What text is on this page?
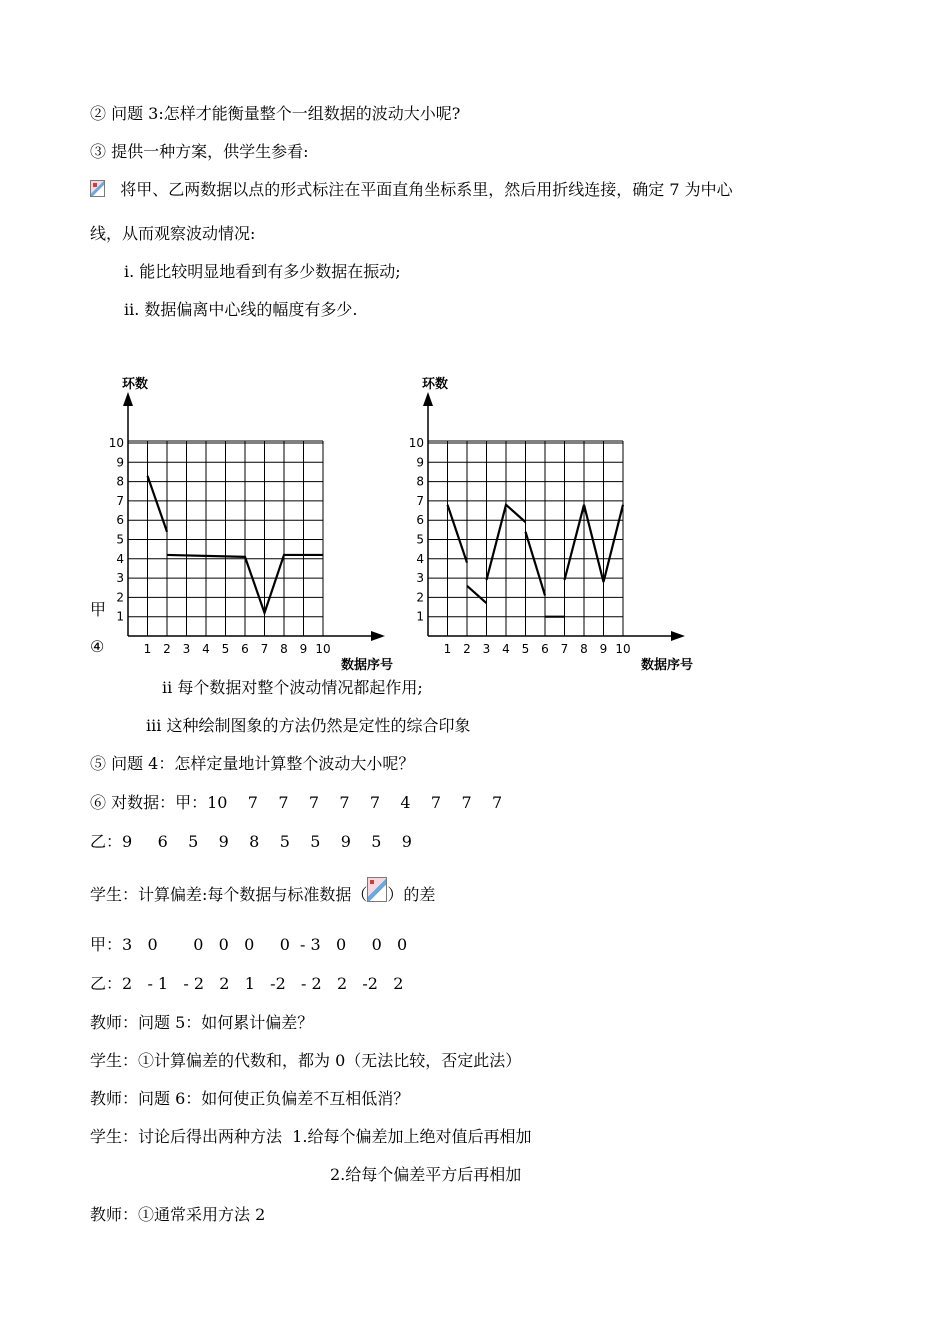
② 问题 3:怎样才能衡量整个一组数据的波动大小呢?
③ 提供一种方案，供学生参看:
将甲、乙两数据以点的形式标注在平面直角坐标系里，然后用折线连接，确定 7 为中心
线，从而观察波动情况:
ⅰ. 能比较明显地看到有多少数据在振动;
ⅱ. 数据偏离中心线的幅度有多少.
环数
数据序号
1 2 3 4 5 6 7 8 9 10
1
2
3
4
5
6
7
8
9
10
环数
数据序号
1 2 3 4 5 6 7 8 9 10
1
2
3
4
5
6
7
8
9
10
甲
④
ⅱ 每个数据对整个波动情况都起作用;
ⅲ 这种绘制图象的方法仍然是定性的综合印象
⑤ 问题 4：怎样定量地计算整个波动大小呢？
⑥ 对数据：甲：10    7    7    7    7    7    4    7    7    7
乙：9     6    5    9    8    5    5    9    5    9
学生：计算偏差:每个数据与标准数据（ ）的差
甲：3   0       0   0   0     0  - 3   0     0   0
乙：2   - 1   - 2   2   1   -2   - 2   2   -2   2
教师：问题 5：如何累计偏差？
学生：①计算偏差的代数和，都为 0（无法比较，否定此法）
教师：问题 6：如何使正负偏差不互相低消？
学生：讨论后得出两种方法  1.给每个偏差加上绝对值后再相加
2.给每个偏差平方后再相加
教师：①通常采用方法 2
